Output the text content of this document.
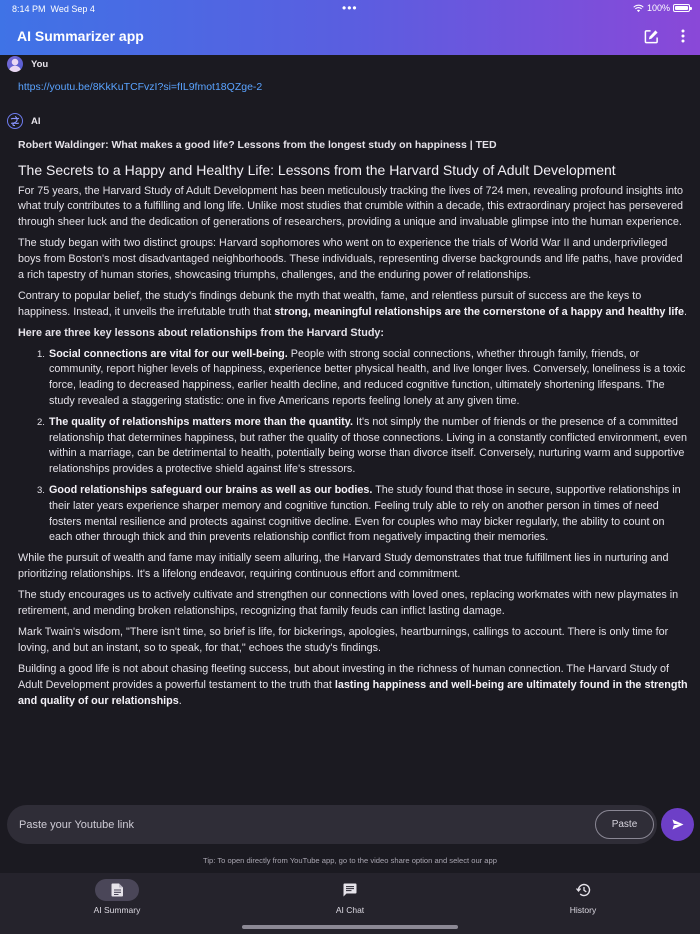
8:14 PM Wed Sep 4	•••	100%
AI Summarizer app
You
https://youtu.be/8KkKuTCFvzI?si=fIL9fmot18QZge-2
AI

Robert Waldinger: What makes a good life? Lessons from the longest study on happiness | TED

The Secrets to a Happy and Healthy Life: Lessons from the Harvard Study of Adult Development

For 75 years, the Harvard Study of Adult Development has been meticulously tracking the lives of 724 men, revealing profound insights into what truly contributes to a fulfilling and long life. Unlike most studies that crumble within a decade, this extraordinary project has persevered through sheer luck and the dedication of generations of researchers, providing a unique and invaluable glimpse into the human experience.

The study began with two distinct groups: Harvard sophomores who went on to experience the trials of World War II and underprivileged boys from Boston's most disadvantaged neighborhoods. These individuals, representing diverse backgrounds and life paths, have provided a rich tapestry of human stories, showcasing triumphs, challenges, and the enduring power of relationships.

Contrary to popular belief, the study's findings debunk the myth that wealth, fame, and relentless pursuit of success are the keys to happiness. Instead, it unveils the irrefutable truth that strong, meaningful relationships are the cornerstone of a happy and healthy life.

Here are three key lessons about relationships from the Harvard Study:

1. Social connections are vital for our well-being. People with strong social connections, whether through family, friends, or community, report higher levels of happiness, experience better physical health, and live longer lives. Conversely, loneliness is a toxic force, leading to decreased happiness, earlier health decline, and reduced cognitive function, ultimately shortening lifespans. The study revealed a staggering statistic: one in five Americans reports feeling lonely at any given time.
2. The quality of relationships matters more than the quantity. It's not simply the number of friends or the presence of a committed relationship that determines happiness, but rather the quality of those connections. Living in a constantly conflicted environment, even within a marriage, can be detrimental to health, potentially being worse than divorce itself. Conversely, nurturing warm and supportive relationships provides a protective shield against life's stressors.
3. Good relationships safeguard our brains as well as our bodies. The study found that those in secure, supportive relationships in their later years experience sharper memory and cognitive function. Feeling truly able to rely on another person in times of need fosters mental resilience and protects against cognitive decline. Even for couples who may bicker regularly, the ability to count on each other through thick and thin prevents relationship conflict from negatively impacting their memories.

While the pursuit of wealth and fame may initially seem alluring, the Harvard Study demonstrates that true fulfillment lies in nurturing and prioritizing relationships. It's a lifelong endeavor, requiring continuous effort and commitment.

The study encourages us to actively cultivate and strengthen our connections with loved ones, replacing workmates with new playmates in retirement, and mending broken relationships, recognizing that family feuds can inflict lasting damage.

Mark Twain's wisdom, "There isn't time, so brief is life, for bickerings, apologies, heartburnings, callings to account. There is only time for loving, and but an instant, so to speak, for that," echoes the study's findings.

Building a good life is not about chasing fleeting success, but about investing in the richness of human connection. The Harvard Study of Adult Development provides a powerful testament to the truth that lasting happiness and well-being are ultimately found in the strength and quality of our relationships.

Paste your Youtube link
Paste
Tip: To open directly from YouTube app, go to the video share option and select our app
AI Summary	AI Chat	History
